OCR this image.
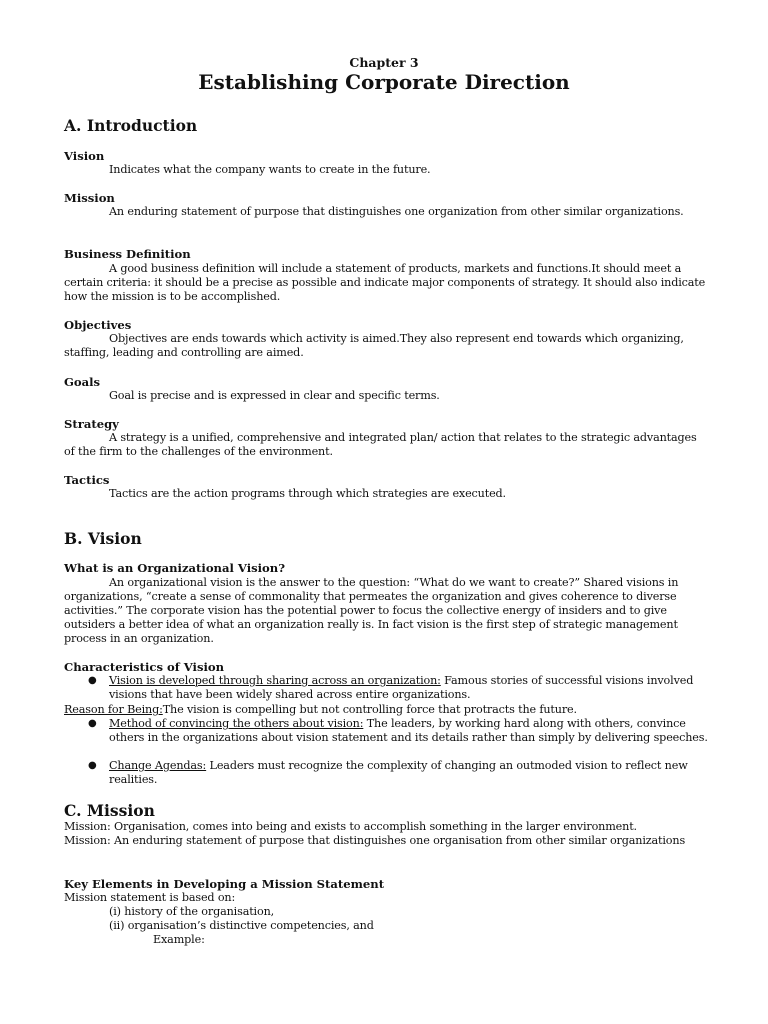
Chapter 3
Establishing Corporate Direction
A. Introduction
Vision
Indicates what the company wants to create in the future.
Mission
An enduring statement of purpose that distinguishes one organization from other similar organizations.
Business Definition
A good business definition will include a statement of products, markets and functions.It should meet a certain criteria: it should be a precise as possible and indicate major components of strategy. It should also indicate how the mission is to be accomplished.
Objectives
Objectives are ends towards which activity is aimed.They also represent end towards which organizing, staffing, leading and controlling are aimed.
Goals
Goal is precise and is expressed in clear and specific terms.
Strategy
A strategy is a unified, comprehensive and integrated plan/ action that relates to the strategic advantages of the firm to the challenges of the environment.
Tactics
Tactics are the action programs through which strategies are executed.
B. Vision
What is an Organizational Vision?
An organizational vision is the answer to the question: “What do we want to create?” Shared visions in organizations, “create a sense of commonality that permeates the organization and gives coherence to diverse activities.” The corporate vision has the potential power to focus the collective energy of insiders and to give outsiders a better idea of what an organization really is. In fact vision is the first step of strategic management process in an organization.
Characteristics of Vision
● Vision is developed through sharing across an organization: Famous stories of successful visions involved visions that have been widely shared across entire organizations.
Reason for Being:The vision is compelling but not controlling force that protracts the future.
● Method of convincing the others about vision: The leaders, by working hard along with others, convince others in the organizations about vision statement and its details rather than simply by delivering speeches.
● Change Agendas: Leaders must recognize the complexity of changing an outmoded vision to reflect new realities.
C. Mission
Mission: Organisation, comes into being and exists to accomplish something in the larger environment.
Mission: An enduring statement of purpose that distinguishes one organisation from other similar organizations
Key Elements in Developing a Mission Statement
Mission statement is based on:
(i) history of the organisation,
(ii) organisation’s distinctive competencies, and
Example:
